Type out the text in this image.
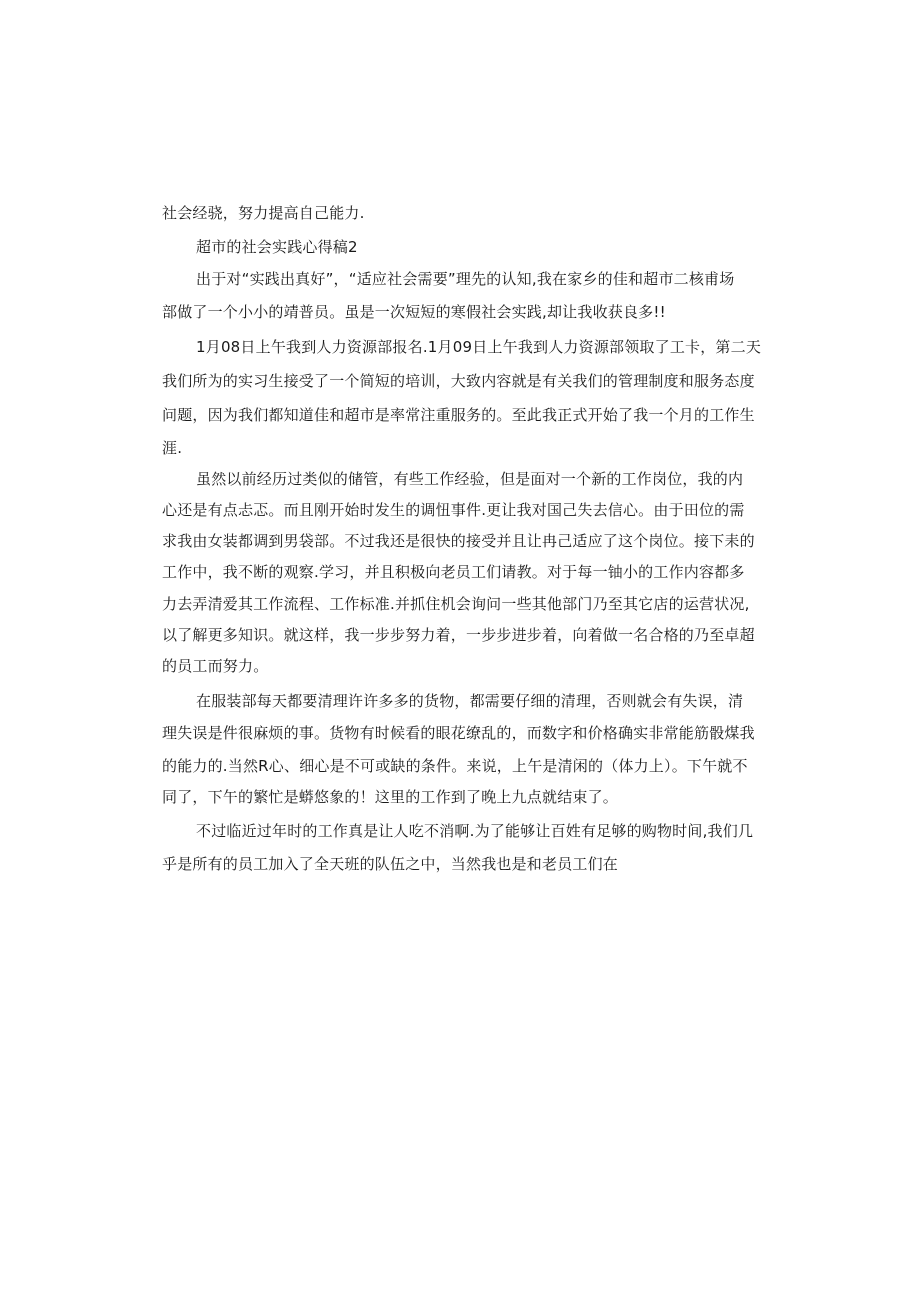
社会经骁，努力提高自己能力.
超市的社会实践心得稿2
出于对“实践出真好”，“适应社会需要”理先的认知,我在家乡的佳和超市二核甫场
部做了一个小小的靖普员。虽是一次短短的寒假社会实践,却让我收获良多!!
1月08日上午我到人力资源部报名.1月09日上午我到人力资源部领取了工卡，第二天
我们所为的实习生接受了一个简短的培训，大致内容就是有关我们的管理制度和服务态度
问题，因为我们都知道佳和超市是率常注重服务的。至此我正式开始了我一个月的工作生
涯.
虽然以前经历过类似的储管，有些工作经验，但是面对一个新的工作岗位，我的内
心还是有点忐忑。而且刚开始时发生的调忸事件.更让我对国己失去信心。由于田位的需
求我由女装都调到男袋部。不过我还是很快的接受并且让冉己适应了这个岗位。接下耒的
工作中，我不断的观察.学习，并且积极向老员工们请教。对于每一铀小的工作内容都多
力去弄清爱其工作流程、工作标准.并抓住机会询问一些其他部门乃至其它店的运营状况,
以了解更多知识。就这样，我一步步努力着，一步步进步着，向着做一名合格的乃至卓超
的员工而努力。
在服装部每天都要清理许许多多的货物，都需要仔细的清理，否则就会有失误，清
理失误是件很麻烦的事。货物有时候看的眼花缭乱的，而数字和价格确实非常能筋骰煤我
的能力的.当然R心、细心是不可或缺的条件。来说，上午是清闲的（体力上）。下午就不
同了，下午的繁忙是蟒悠象的！这里的工作到了晚上九点就结束了。
不过临近过年时的工作真是让人吃不消啊.为了能够让百姓有足够的购物时间,我们几
乎是所有的员工加入了全天班的队伍之中，当然我也是和老员工们在
